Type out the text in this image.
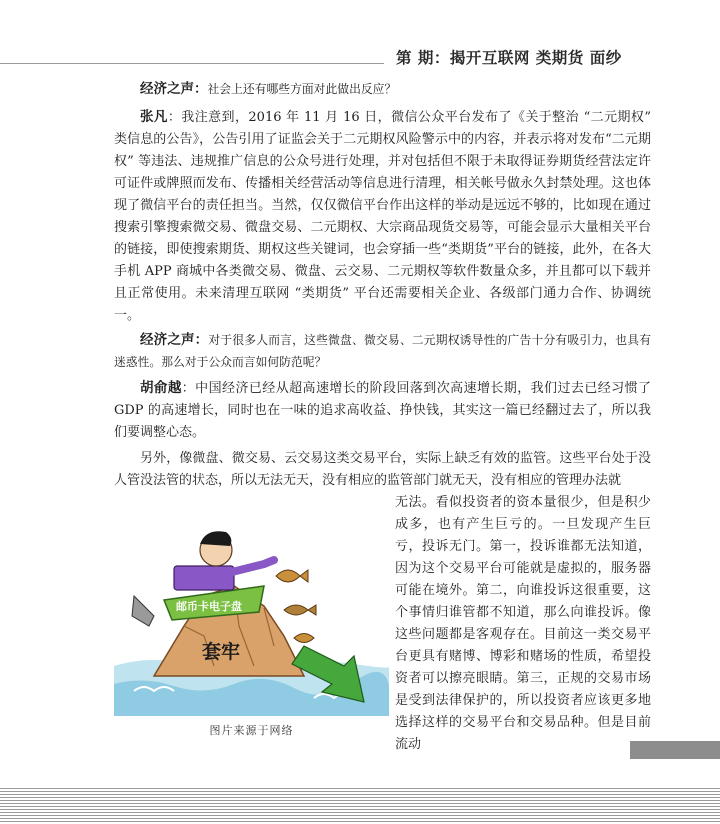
第 期：揭开互联网 类期货 面纱

经济之声：社会上还有哪些方面对此做出反应？

张凡：我注意到，2016 年 11 月 16 日，微信公众平台发布了《关于整治 “二元期权” 类信息的公告》，公告引用了证监会关于二元期权风险警示中的内容，并表示将对发布“二元期权” 等违法、违规推广信息的公众号进行处理，并对包括但不限于未取得证券期货经营法定许可证件或牌照而发布、传播相关经营活动等信息进行清理，相关帐号做永久封禁处理。这也体现了微信平台的责任担当。当然，仅仅微信平台作出这样的举动是远远不够的，比如现在通过搜索引擎搜索微交易、微盘交易、二元期权、大宗商品现货交易等，可能会显示大量相关平台的链接，即使搜索期货、期权这些关键词，也会穿插一些“类期货”平台的链接，此外，在各大手机 APP 商城中各类微交易、微盘、云交易、二元期权等软件数量众多，并且都可以下载并且正常使用。未来清理互联网 “类期货” 平台还需要相关企业、各级部门通力合作、协调统一。

经济之声：对于很多人而言，这些微盘、微交易、二元期权诱导性的广告十分有吸引力，也具有迷惑性。那么对于公众而言如何防范呢？

胡俞越：中国经济已经从超高速增长的阶段回落到次高速增长期，我们过去已经习惯了 GDP 的高速增长，同时也在一味的追求高收益、挣快钱，其实这一篇已经翻过去了，所以我们要调整心态。

另外，像微盘、微交易、云交易这类交易平台，实际上缺乏有效的监管。这些平台处于没人管没法管的状态，所以无法无天，没有相应的监管部门就无天，没有相应的管理办法就

无法。看似投资者的资本量很少，但是积少成多，也有产生巨亏的。一旦发现产生巨亏，投诉无门。第一，投诉谁都无法知道，因为这个交易平台可能就是虚拟的，服务器可能在境外。第二，向谁投诉这很重要，这个事情归谁管都不知道，那么向谁投诉。像这些问题都是客观存在。目前这一类交易平台更具有赌博、博彩和赌场的性质，希望投资者可以擦亮眼睛。第三，正规的交易市场是受到法律保护的，所以投资者应该更多地选择这样的交易平台和交易品种。但是目前流动

套牢
邮币卡电子盘
图片来源于网络
